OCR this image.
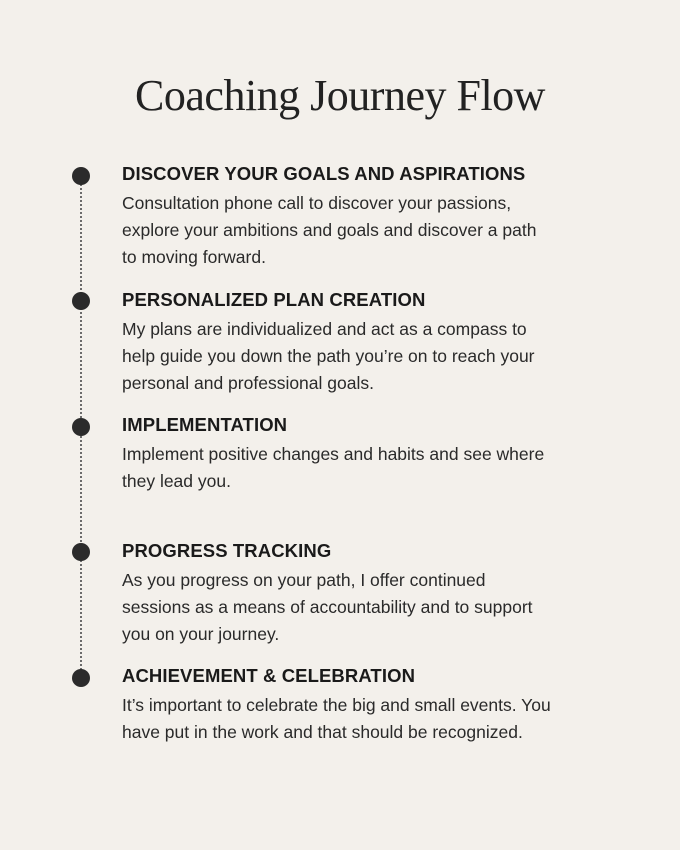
Coaching Journey Flow
DISCOVER YOUR GOALS AND ASPIRATIONS
Consultation phone call to discover your passions,
explore your ambitions and goals and discover a path
to moving forward.
PERSONALIZED PLAN CREATION
My plans are individualized and act as a compass to
help guide you down the path you’re on to reach your
personal and professional goals.
IMPLEMENTATION
Implement positive changes and habits and see where
they lead you.
PROGRESS TRACKING
As you progress on your path, I offer continued
sessions as a means of accountability and to support
you on your journey.
ACHIEVEMENT & CELEBRATION
It’s important to celebrate the big and small events. You
have put in the work and that should be recognized.
